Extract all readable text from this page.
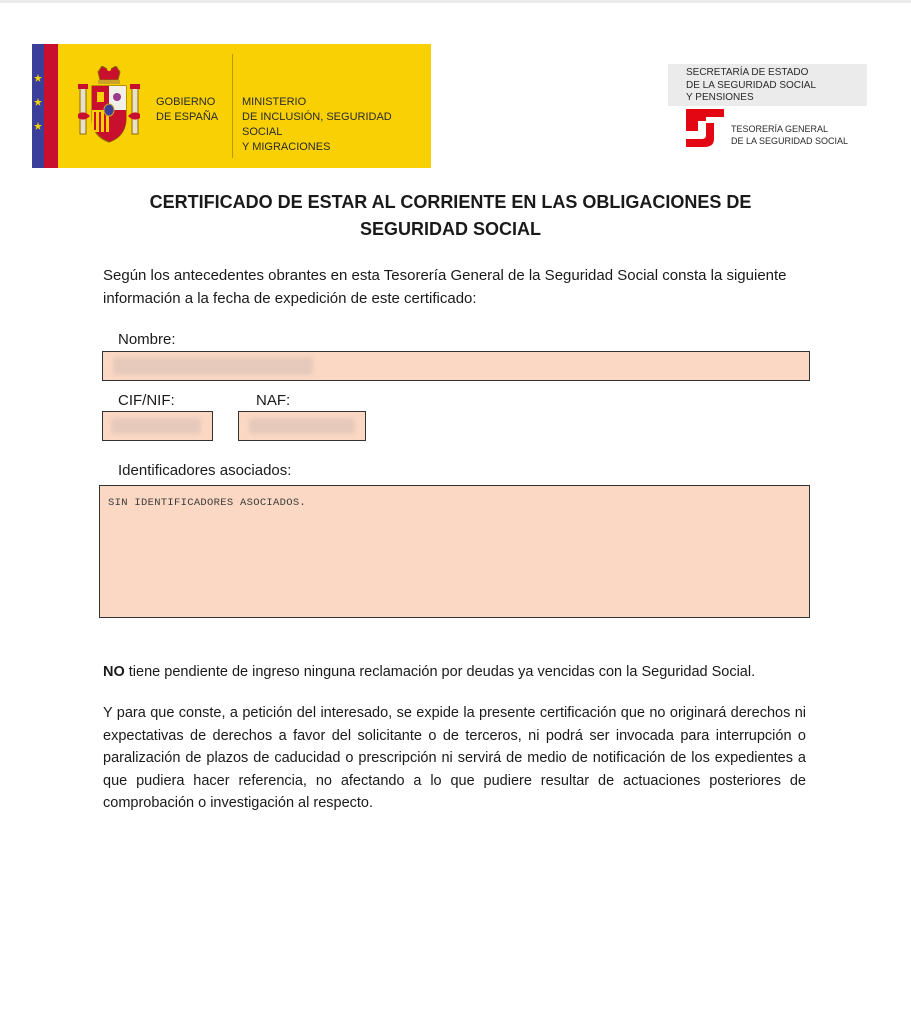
GOBIERNO
DE ESPAÑA
MINISTERIO
DE INCLUSIÓN, SEGURIDAD SOCIAL
Y MIGRACIONES
SECRETARÍA DE ESTADO
DE LA SEGURIDAD SOCIAL
Y PENSIONES
TESORERÍA GENERAL
DE LA SEGURIDAD SOCIAL
CERTIFICADO DE ESTAR AL CORRIENTE EN LAS OBLIGACIONES DE
SEGURIDAD SOCIAL
Según los antecedentes obrantes en esta Tesorería General de la Seguridad Social consta la siguiente información a la fecha de expedición de este certificado:
Nombre:
CIF/NIF:	NAF:
Identificadores asociados:
SIN IDENTIFICADORES ASOCIADOS.
NO tiene pendiente de ingreso ninguna reclamación por deudas ya vencidas con la Seguridad Social.
Y para que conste, a petición del interesado, se expide la presente certificación que no originará derechos ni expectativas de derechos a favor del solicitante o de terceros, ni podrá ser invocada para interrupción o paralización de plazos de caducidad o prescripción ni servirá de medio de notificación de los expedientes a que pudiera hacer referencia, no afectando a lo que pudiere resultar de actuaciones posteriores de comprobación o investigación al respecto.
